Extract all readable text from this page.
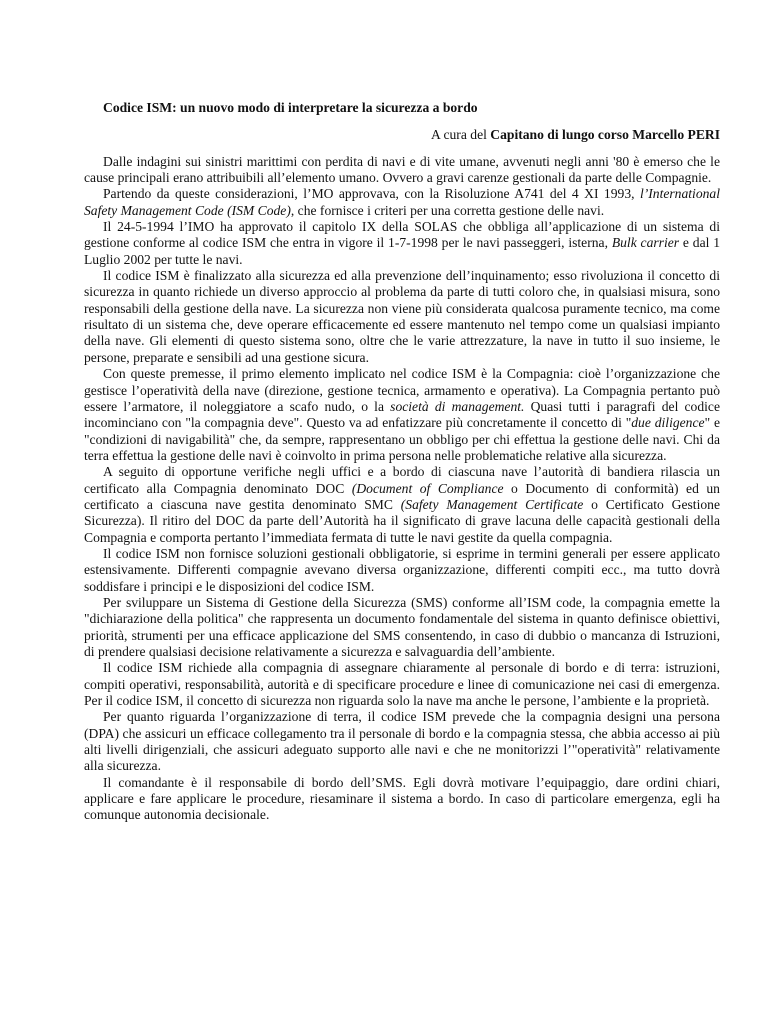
Codice ISM: un nuovo modo di interpretare la sicurezza a bordo
A cura del Capitano di lungo corso Marcello PERI

Dalle indagini sui sinistri marittimi con perdita di navi e di vite umane, avvenuti negli anni '80 è emerso che le cause principali erano attribuibili all’elemento umano. Ovvero a gravi carenze gestionali da parte delle Compagnie.

Partendo da queste considerazioni, l’MO approvava, con la Risoluzione A741 del 4 XI 1993, l’International Safety Management Code (ISM Code), che fornisce i criteri per una corretta gestione delle navi.

Il 24-5-1994 l’IMO ha approvato il capitolo IX della SOLAS che obbliga all’applicazione di un sistema di gestione conforme al codice ISM che entra in vigore il 1-7-1998 per le navi passeggeri, isterna, Bulk carrier e dal 1 Luglio 2002 per tutte le navi.

Il codice ISM è finalizzato alla sicurezza ed alla prevenzione dell’inquinamento; esso rivoluziona il concetto di sicurezza in quanto richiede un diverso approccio al problema da parte di tutti coloro che, in qualsiasi misura, sono responsabili della gestione della nave. La sicurezza non viene più considerata qualcosa puramente tecnico, ma come risultato di un sistema che, deve operare efficacemente ed essere mantenuto nel tempo come un qualsiasi impianto della nave. Gli elementi di questo sistema sono, oltre che le varie attrezzature, la nave in tutto il suo insieme, le persone, preparate e sensibili ad una gestione sicura.

Con queste premesse, il primo elemento implicato nel codice ISM è la Compagnia: cioè l’organizzazione che gestisce l’operatività della nave (direzione, gestione tecnica, armamento e operativa). La Compagnia pertanto può essere l’armatore, il noleggiatore a scafo nudo, o la società di management. Quasi tutti i paragrafi del codice incominciano con "la compagnia deve". Questo va ad enfatizzare più concretamente il concetto di "due diligence" e "condizioni di navigabilità" che, da sempre, rappresentano un obbligo per chi effettua la gestione delle navi. Chi da terra effettua la gestione delle navi è coinvolto in prima persona nelle problematiche relative alla sicurezza.

A seguito di opportune verifiche negli uffici e a bordo di ciascuna nave l’autorità di bandiera rilascia un certificato alla Compagnia denominato DOC (Document of Compliance o Documento di conformità) ed un certificato a ciascuna nave gestita denominato SMC (Safety Management Certificate o Certificato Gestione Sicurezza). Il ritiro del DOC da parte dell’Autorità ha il significato di grave lacuna delle capacità gestionali della Compagnia e comporta pertanto l’immediata fermata di tutte le navi gestite da quella compagnia.

Il codice ISM non fornisce soluzioni gestionali obbligatorie, si esprime in termini generali per essere applicato estensivamente. Differenti compagnie avevano diversa organizzazione, differenti compiti ecc., ma tutto dovrà soddisfare i principi e le disposizioni del codice ISM.

Per sviluppare un Sistema di Gestione della Sicurezza (SMS) conforme all’ISM code, la compagnia emette la "dichiarazione della politica" che rappresenta un documento fondamentale del sistema in quanto definisce obiettivi, priorità, strumenti per una efficace applicazione del SMS consentendo, in caso di dubbio o mancanza di Istruzioni, di prendere qualsiasi decisione relativamente a sicurezza e salvaguardia dell’ambiente.

Il codice ISM richiede alla compagnia di assegnare chiaramente al personale di bordo e di terra: istruzioni, compiti operativi, responsabilità, autorità e di specificare procedure e linee di comunicazione nei casi di emergenza. Per il codice ISM, il concetto di sicurezza non riguarda solo la nave ma anche le persone, l’ambiente e la proprietà.

Per quanto riguarda l’organizzazione di terra, il codice ISM prevede che la compagnia designi una persona (DPA) che assicuri un efficace collegamento tra il personale di bordo e la compagnia stessa, che abbia accesso ai più alti livelli dirigenziali, che assicuri adeguato supporto alle navi e che ne monitorizzi l’"operatività" relativamente alla sicurezza.

Il comandante è il responsabile di bordo dell’SMS. Egli dovrà motivare l’equipaggio, dare ordini chiari, applicare e fare applicare le procedure, riesaminare il sistema a bordo. In caso di particolare emergenza, egli ha comunque autonomia decisionale.
